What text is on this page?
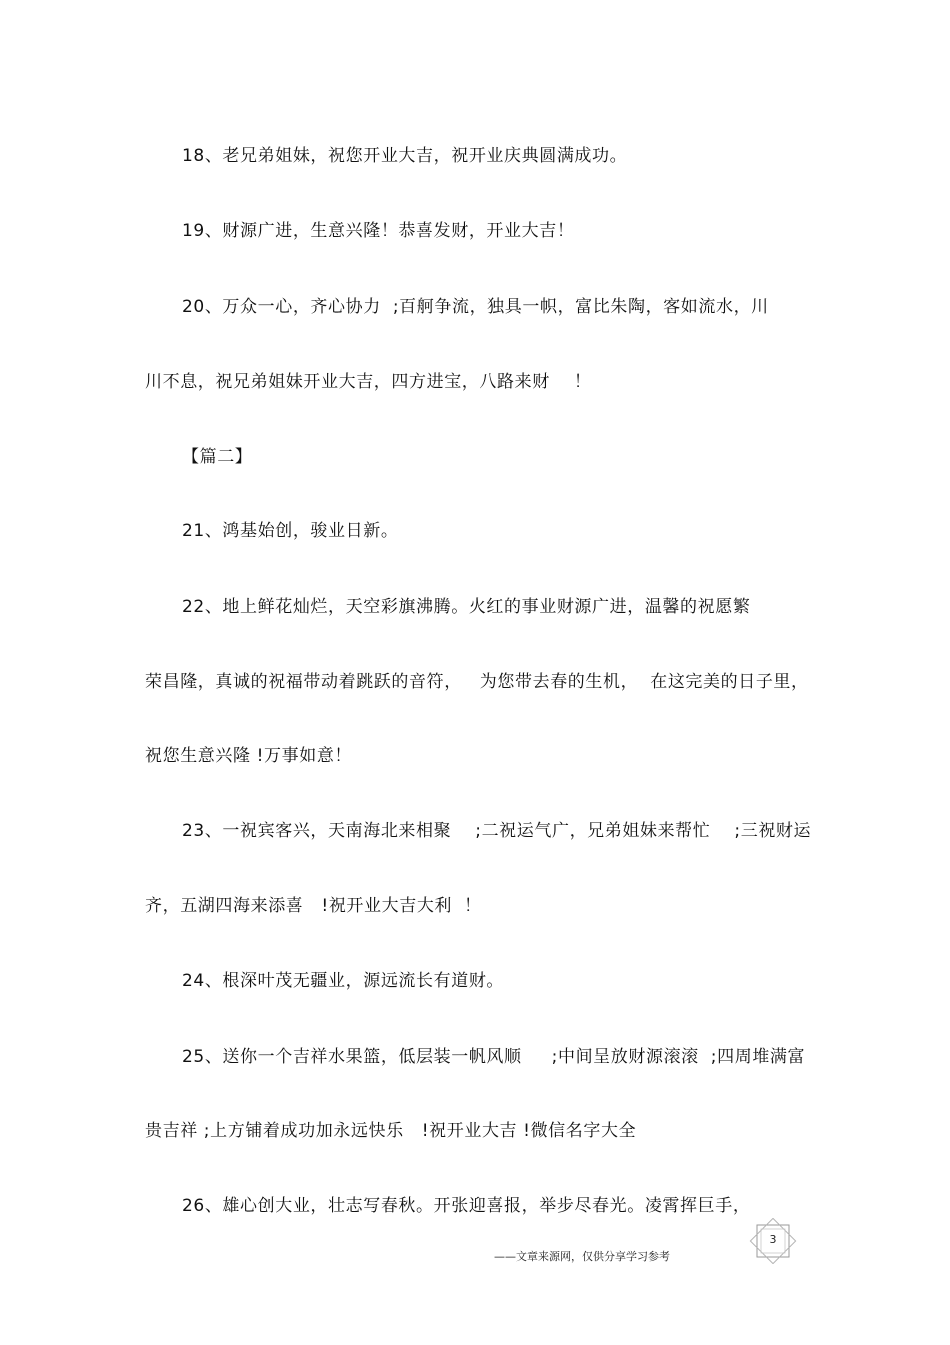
18、老兄弟姐妹，祝您开业大吉，祝开业庆典圆满成功。
19、财源广进，生意兴隆！恭喜发财，开业大吉！
20、万众一心，齐心协力  ;百舸争流，独具一帜，富比朱陶，客如流水，川
川不息，祝兄弟姐妹开业大吉，四方进宝，八路来财    ！
【篇二】
21、鸿基始创，骏业日新。
22、地上鲜花灿烂，天空彩旗沸腾。火红的事业财源广进，温馨的祝愿繁
荣昌隆，真诚的祝福带动着跳跃的音符，   为您带去春的生机，  在这完美的日子里，
祝您生意兴隆 !万事如意！
23、一祝宾客兴，天南海北来相聚    ;二祝运气广，兄弟姐妹来帮忙    ;三祝财运
齐，五湖四海来添喜   !祝开业大吉大利  ！
24、根深叶茂无疆业，源远流长有道财。
25、送你一个吉祥水果篮，低层装一帆风顺     ;中间呈放财源滚滚  ;四周堆满富
贵吉祥 ;上方铺着成功加永远快乐   !祝开业大吉 !微信名字大全
26、雄心创大业，壮志写春秋。开张迎喜报，举步尽春光。凌霄挥巨手，
3
——文章来源网，仅供分享学习参考
